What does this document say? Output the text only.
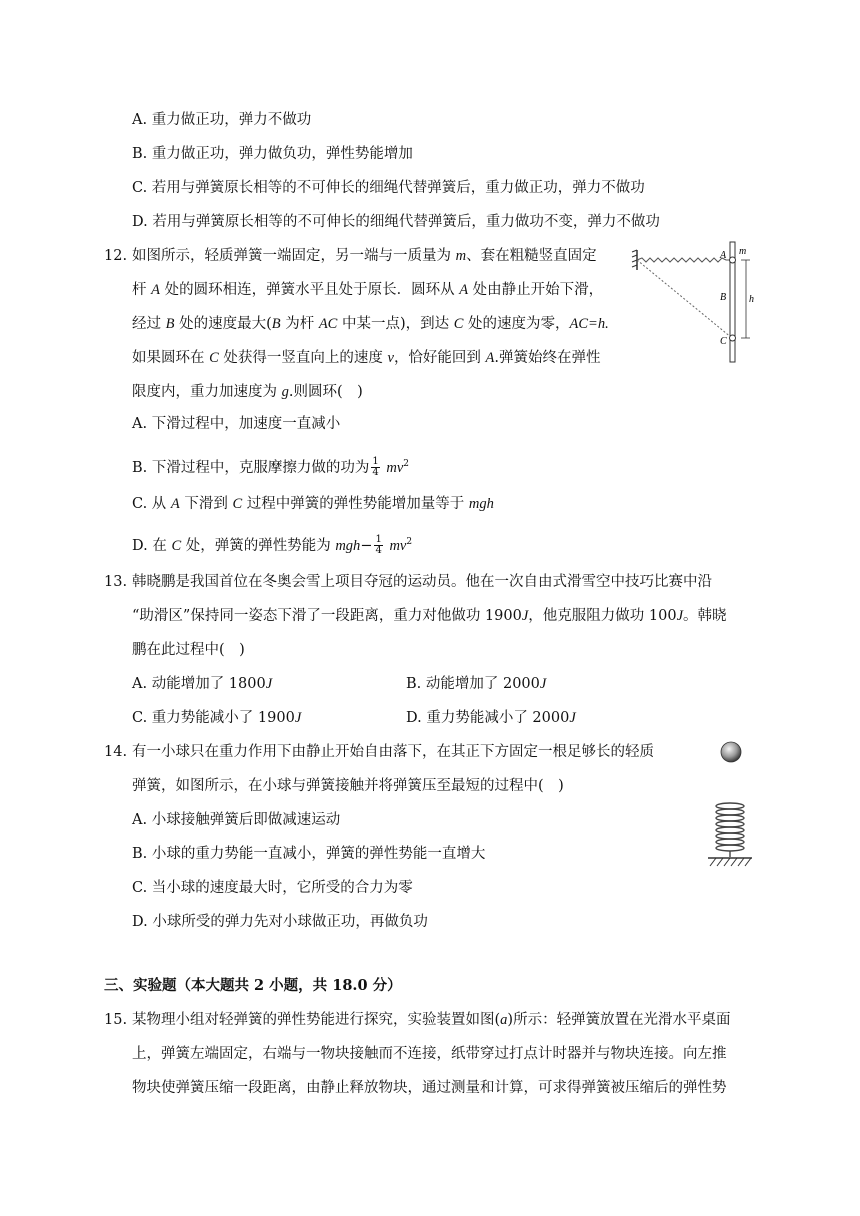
A. 重力做正功，弹力不做功
B. 重力做正功，弹力做负功，弹性势能增加
C. 若用与弹簧原长相等的不可伸长的细绳代替弹簧后，重力做正功，弹力不做功
D. 若用与弹簧原长相等的不可伸长的细绳代替弹簧后，重力做功不变，弹力不做功
12. 如图所示，轻质弹簧一端固定，另一端与一质量为 m、套在粗糙竖直固定
杆 A 处的圆环相连，弹簧水平且处于原长．圆环从 A 处由静止开始下滑，
经过 B 处的速度最大(B 为杆 AC 中某一点)，到达 C 处的速度为零，AC=h.
如果圆环在 C 处获得一竖直向上的速度 v，恰好能回到 A.弹簧始终在弹性
限度内，重力加速度为 g.则圆环(　)
A. 下滑过程中，加速度一直减小
B. 下滑过程中，克服摩擦力做的功为 $\frac{1}{4} mv^2$
C. 从 A 下滑到 C 过程中弹簧的弹性势能增加量等于 mgh
D. 在 C 处，弹簧的弹性势能为 $mgh- \frac{1}{4} mv^2$
A m
B h
C
13. 韩晓鹏是我国首位在冬奥会雪上项目夺冠的运动员。他在一次自由式滑雪空中技巧比赛中沿
“助滑区”保持同一姿态下滑了一段距离，重力对他做功 1900J，他克服阻力做功 100J。韩晓
鹏在此过程中(　)
A. 动能增加了 1800J	B. 动能增加了 2000J
C. 重力势能减小了 1900J	D. 重力势能减小了 2000J
14. 有一小球只在重力作用下由静止开始自由落下，在其正下方固定一根足够长的轻质
弹簧，如图所示，在小球与弹簧接触并将弹簧压至最短的过程中(　)
A. 小球接触弹簧后即做减速运动
B. 小球的重力势能一直减小，弹簧的弹性势能一直增大
C. 当小球的速度最大时，它所受的合力为零
D. 小球所受的弹力先对小球做正功，再做负功
三、实验题（本大题共 2 小题，共 18.0 分）
15. 某物理小组对轻弹簧的弹性势能进行探究，实验装置如图(a)所示：轻弹簧放置在光滑水平桌面
上，弹簧左端固定，右端与一物块接触而不连接，纸带穿过打点计时器并与物块连接。向左推
物块使弹簧压缩一段距离，由静止释放物块，通过测量和计算，可求得弹簧被压缩后的弹性势
